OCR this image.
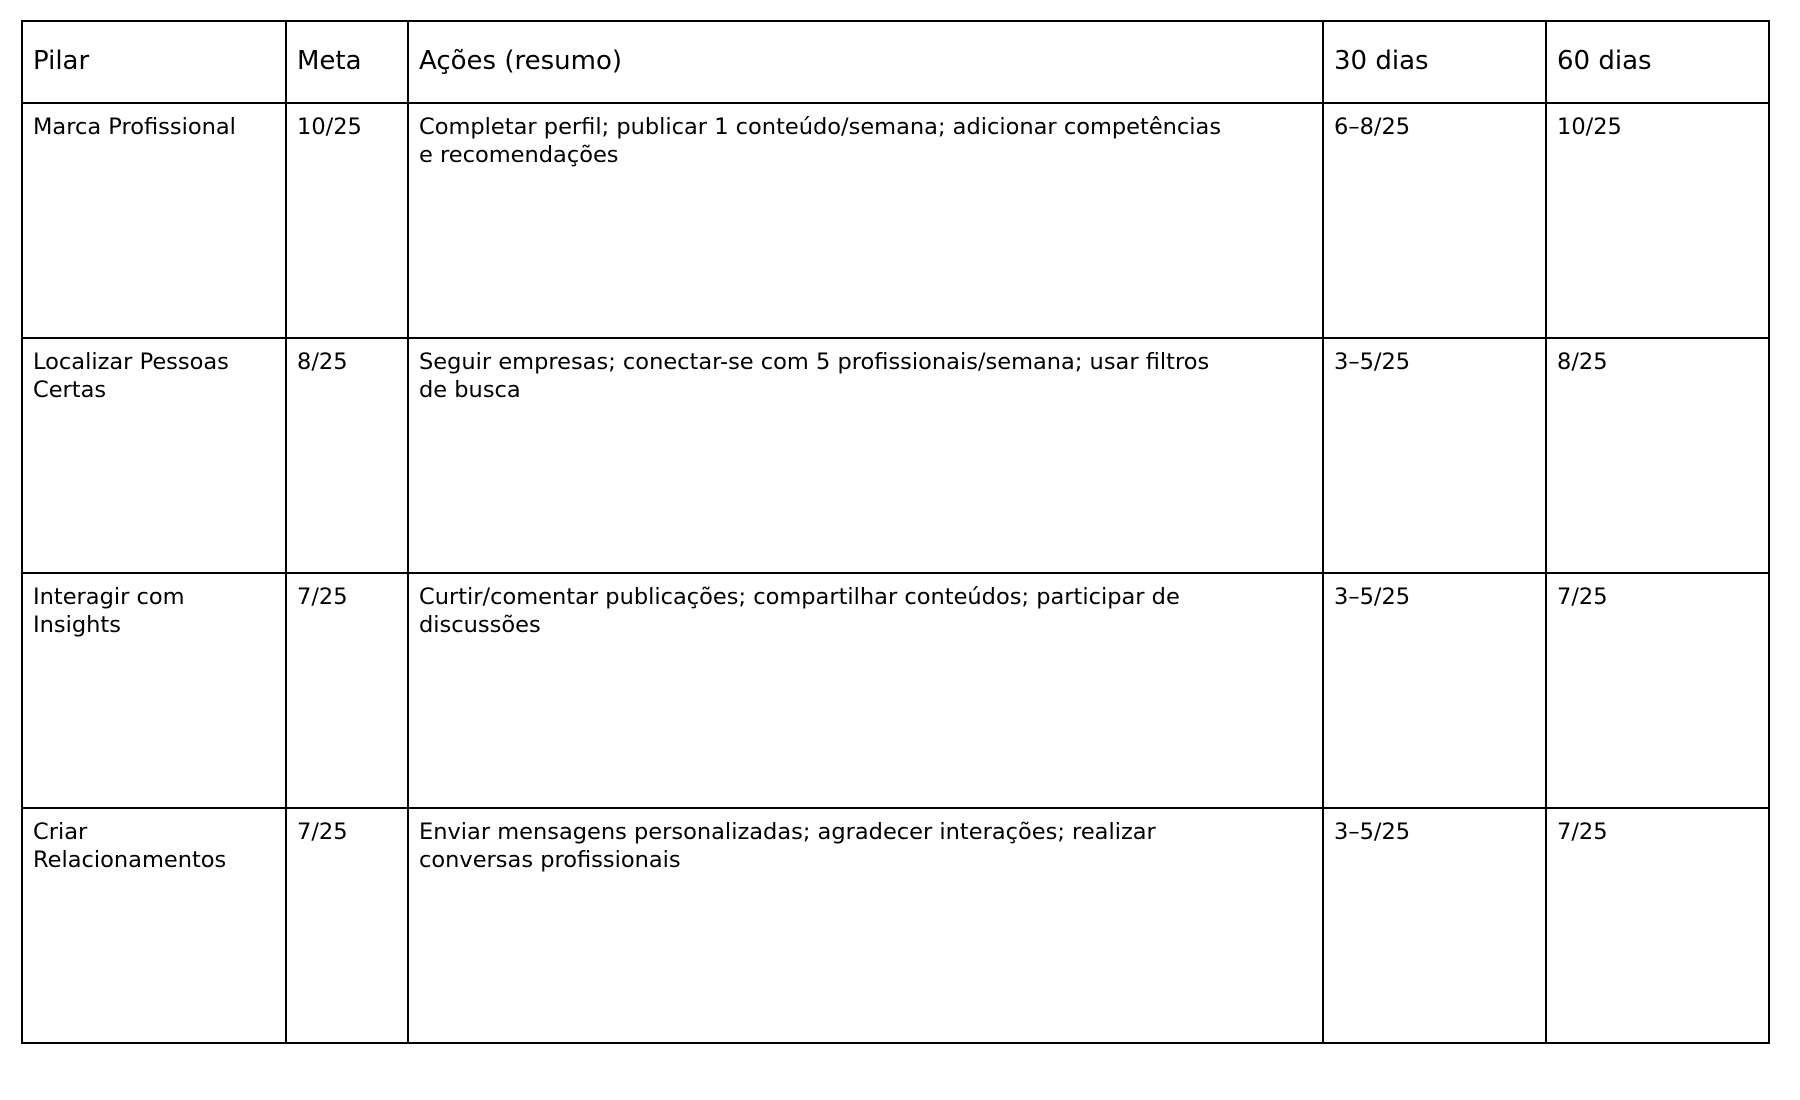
Pilar	Meta	Ações (resumo)	30 dias	60 dias
Marca Profissional	10/25	Completar perfil; publicar 1 conteúdo/semana; adicionar competências e recomendações	6–8/25	10/25
Localizar Pessoas Certas	8/25	Seguir empresas; conectar-se com 5 profissionais/semana; usar filtros de busca	3–5/25	8/25
Interagir com Insights	7/25	Curtir/comentar publicações; compartilhar conteúdos; participar de discussões	3–5/25	7/25
Criar Relacionamentos	7/25	Enviar mensagens personalizadas; agradecer interações; realizar conversas profissionais	3–5/25	7/25
